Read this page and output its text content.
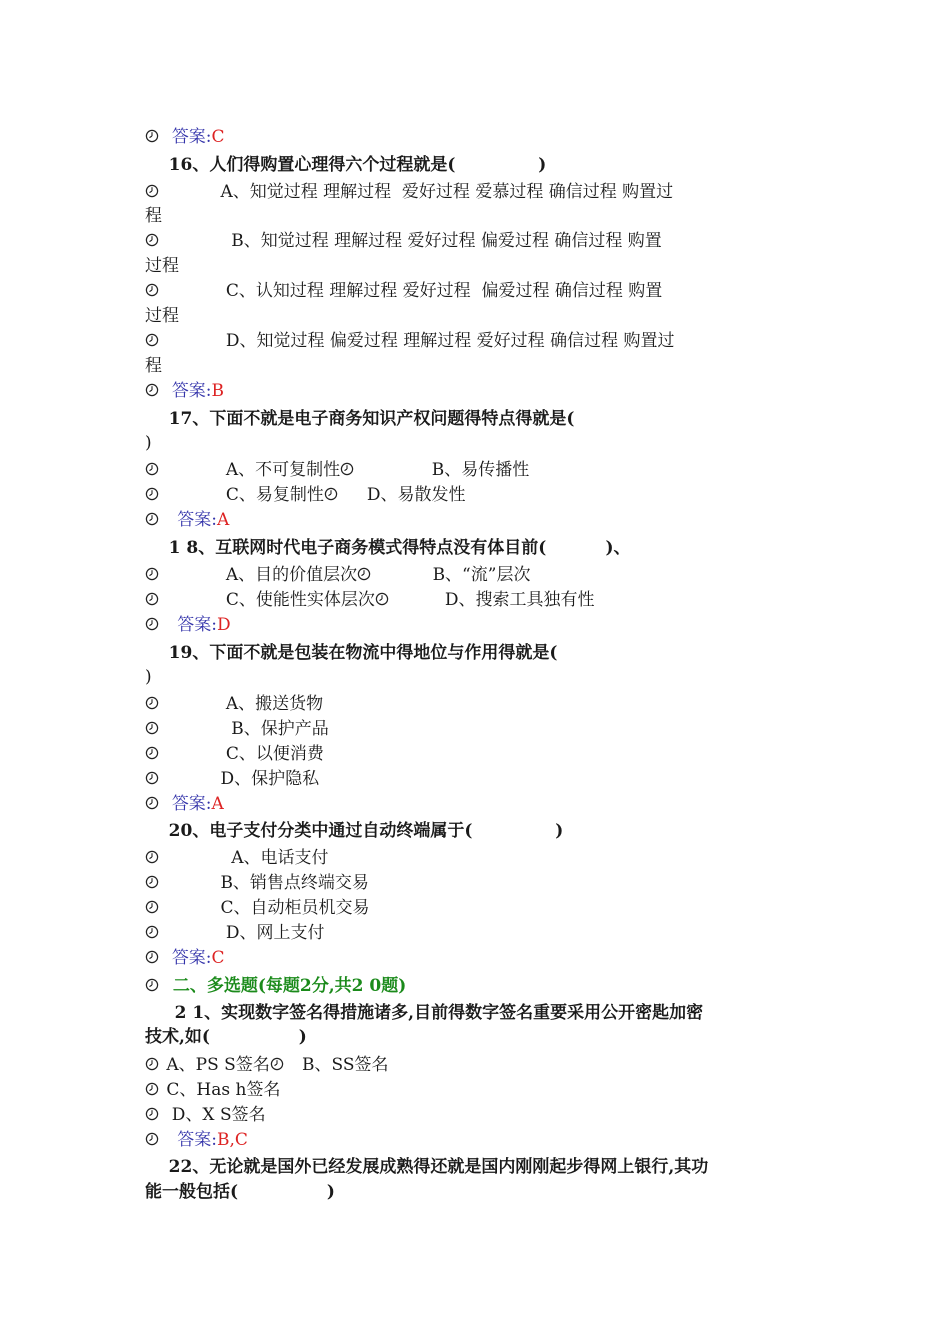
答案:C
16、人们得购置心理得六个过程就是(              )
A、知觉过程 理解过程  爱好过程 爱慕过程 确信过程 购置过
程
B、知觉过程 理解过程 爱好过程 偏爱过程 确信过程 购置
过程
C、认知过程 理解过程 爱好过程  偏爱过程 确信过程 购置
过程
D、知觉过程 偏爱过程 理解过程 爱好过程 确信过程 购置过
程
答案:B
17、下面不就是电子商务知识产权问题得特点得就是(
)
A、不可复制性
B、易传播性
C、易复制性
D、易散发性
答案:A
1 8、互联网时代电子商务模式得特点没有体目前(          )、
A、目的价值层次
B、“流”层次
C、使能性实体层次
D、搜索工具独有性
答案:D
19、下面不就是包装在物流中得地位与作用得就是(
)
A、搬送货物
B、保护产品
C、以便消费
D、保护隐私
答案:A
20、电子支付分类中通过自动终端属于(              )
A、电话支付
B、销售点终端交易
C、自动柜员机交易
D、网上支付
答案:C
二、多选题(每题2分,共2 0题)
2 1、实现数字签名得措施诸多,目前得数字签名重要采用公开密匙加密
技术,如(               )
A、PS S签名
B、SS签名
C、Has h签名
D、X S签名
答案:B,C
22、无论就是国外已经发展成熟得还就是国内刚刚起步得网上银行,其功
能一般包括(               )
